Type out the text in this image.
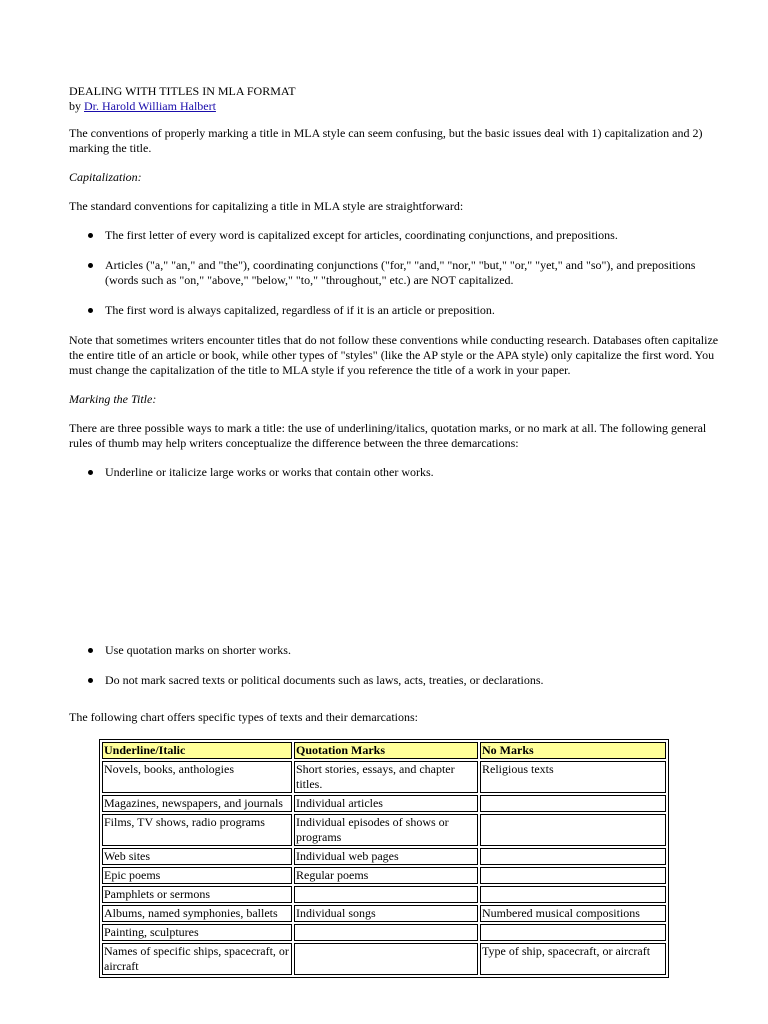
DEALING WITH TITLES IN MLA FORMAT

by Dr. Harold William Halbert

The conventions of properly marking a title in MLA style can seem confusing, but the basic issues deal with 1) capitalization and 2) marking the title.

Capitalization:

The standard conventions for capitalizing a title in MLA style are straightforward:

The first letter of every word is capitalized except for articles, coordinating conjunctions, and prepositions.
Articles ("a," "an," and "the"), coordinating conjunctions ("for," "and," "nor," "but," "or," "yet," and "so"), and prepositions (words such as "on," "above," "below," "to," "throughout," etc.) are NOT capitalized.
The first word is always capitalized, regardless of if it is an article or preposition.

Note that sometimes writers encounter titles that do not follow these conventions while conducting research. Databases often capitalize the entire title of an article or book, while other types of "styles" (like the AP style or the APA style) only capitalize the first word. You must change the capitalization of the title to MLA style if you reference the title of a work in your paper.

Marking the Title:

There are three possible ways to mark a title: the use of underlining/italics, quotation marks, or no mark at all. The following general rules of thumb may help writers conceptualize the difference between the three demarcations:

Underline or italicize large works or works that contain other works.
Use quotation marks on shorter works.
Do not mark sacred texts or political documents such as laws, acts, treaties, or declarations.

The following chart offers specific types of texts and their demarcations:

Underline/Italic	Quotation Marks	No Marks
Novels, books, anthologies	Short stories, essays, and chapter titles.	Religious texts
Magazines, newspapers, and journals	Individual articles	
Films, TV shows, radio programs	Individual episodes of shows or programs	
Web sites	Individual web pages	
Epic poems	Regular poems	
Pamphlets or sermons		
Albums, named symphonies, ballets	Individual songs	Numbered musical compositions
Painting, sculptures		
Names of specific ships, spacecraft, or aircraft		Type of ship, spacecraft, or aircraft
